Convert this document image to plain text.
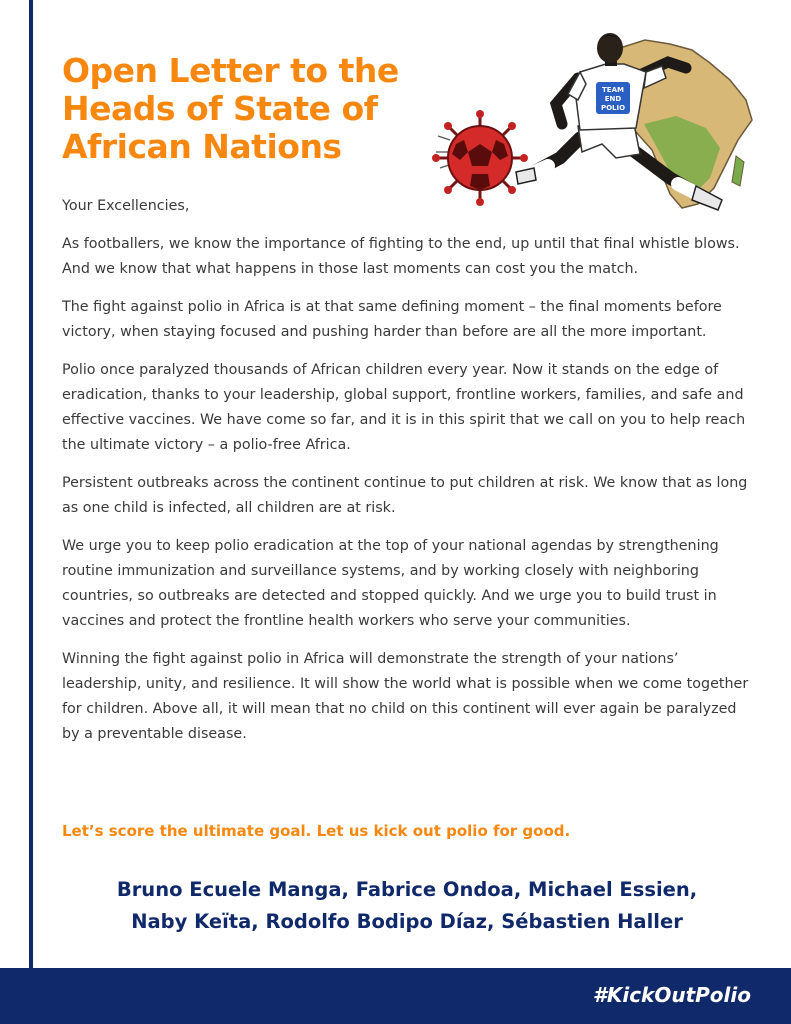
Open Letter to the
Heads of State of
African Nations
TEAM
END
POLIO

Your Excellencies,

As footballers, we know the importance of fighting to the end, up until that final whistle blows. And we know that what happens in those last moments can cost you the match.

The fight against polio in Africa is at that same defining moment – the final moments before victory, when staying focused and pushing harder than before are all the more important.

Polio once paralyzed thousands of African children every year. Now it stands on the edge of eradication, thanks to your leadership, global support, frontline workers, families, and safe and effective vaccines. We have come so far, and it is in this spirit that we call on you to help reach the ultimate victory – a polio-free Africa.

Persistent outbreaks across the continent continue to put children at risk. We know that as long as one child is infected, all children are at risk.

We urge you to keep polio eradication at the top of your national agendas by strengthening routine immunization and surveillance systems, and by working closely with neighboring countries, so outbreaks are detected and stopped quickly. And we urge you to build trust in vaccines and protect the frontline health workers who serve your communities.

Winning the fight against polio in Africa will demonstrate the strength of your nations’ leadership, unity, and resilience. It will show the world what is possible when we come together for children. Above all, it will mean that no child on this continent will ever again be paralyzed by a preventable disease.

Let’s score the ultimate goal. Let us kick out polio for good.

Bruno Ecuele Manga, Fabrice Ondoa, Michael Essien,
Naby Keïta, Rodolfo Bodipo Díaz, Sébastien Haller
#KickOutPolio
